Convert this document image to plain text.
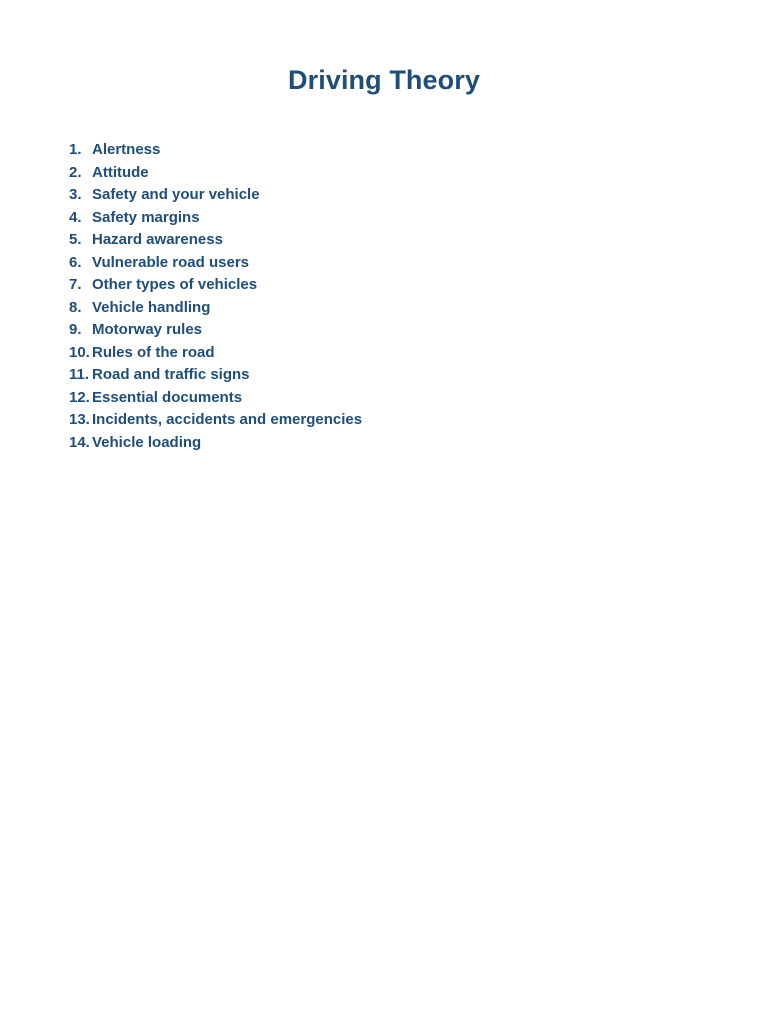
Driving Theory
1. Alertness
2. Attitude
3. Safety and your vehicle
4. Safety margins
5. Hazard awareness
6. Vulnerable road users
7. Other types of vehicles
8. Vehicle handling
9. Motorway rules
10. Rules of the road
11. Road and traffic signs
12. Essential documents
13. Incidents, accidents and emergencies
14. Vehicle loading
